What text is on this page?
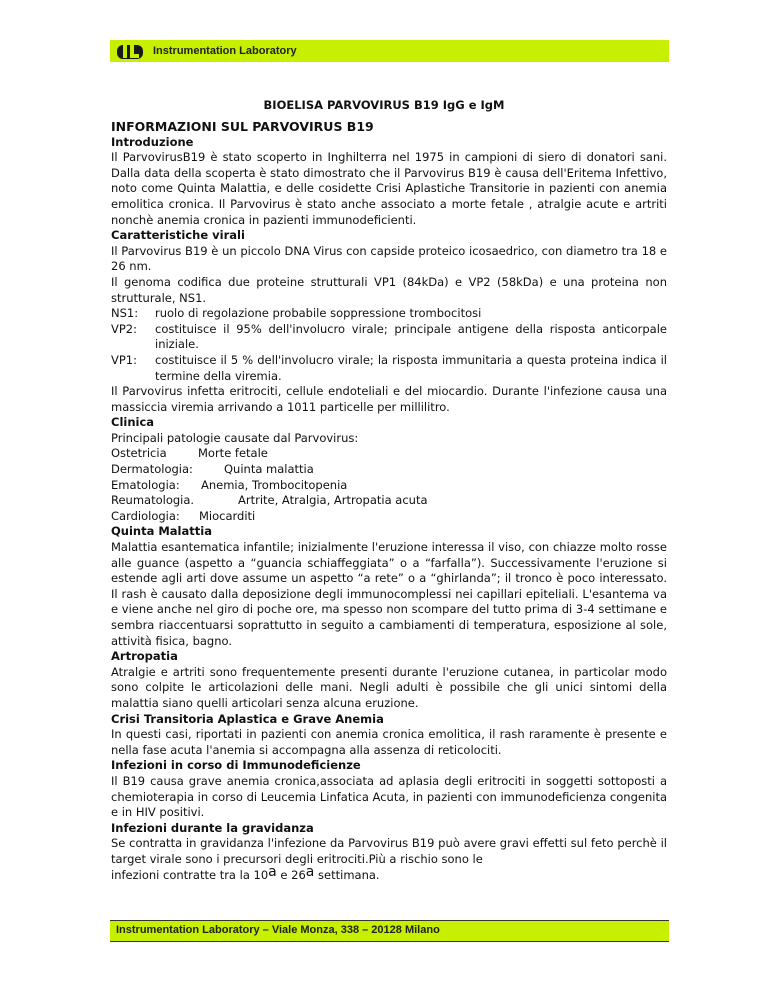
Instrumentation Laboratory
BIOELISA PARVOVIRUS B19 IgG e IgM

INFORMAZIONI SUL PARVOVIRUS B19

Introduzione

Il ParvovirusB19 è stato scoperto in Inghilterra nel 1975 in campioni di siero di donatori sani. Dalla data della scoperta è stato dimostrato che il Parvovirus B19 è causa dell'Eritema Infettivo, noto come Quinta Malattia, e delle cosidette Crisi Aplastiche Transitorie in pazienti con anemia emolitica cronica. Il Parvovirus è stato anche associato a morte fetale , atralgie acute e artriti nonchè anemia cronica in pazienti immunodeficienti.

Caratteristiche virali

Il Parvovirus B19 è un piccolo DNA Virus con capside proteico icosaedrico, con diametro tra 18 e 26 nm.

Il genoma codifica due proteine strutturali VP1 (84kDa) e VP2 (58kDa) e una proteina non strutturale, NS1.

NS1:	ruolo di regolazione probabile soppressione trombocitosi
VP2:	costituisce il 95% dell'involucro virale; principale antigene della risposta anticorpale iniziale.
VP1:	costituisce il 5 % dell'involucro virale; la risposta immunitaria a questa proteina indica il termine della viremia.

Il Parvovirus infetta eritrociti, cellule endoteliali e del miocardio. Durante l'infezione causa una massiccia viremia arrivando a 1011 particelle per millilitro.

Clinica

Principali patologie causate dal Parvovirus:

Ostetricia	Morte fetale
Dermatologia:	Quinta malattia
Ematologia:	Anemia, Trombocitopenia
Reumatologia.	Artrite, Atralgia, Artropatia acuta
Cardiologia:	Miocarditi

Quinta Malattia

Malattia esantematica infantile; inizialmente l'eruzione interessa il viso, con chiazze molto rosse alle guance (aspetto a “guancia schiaffeggiata” o a “farfalla”). Successivamente l'eruzione si estende agli arti dove assume un aspetto “a rete” o a “ghirlanda”; il tronco è poco interessato. Il rash è causato dalla deposizione degli immunocomplessi nei capillari epiteliali. L'esantema va e viene anche nel giro di poche ore, ma spesso non scompare del tutto prima di 3-4 settimane e sembra riaccentuarsi soprattutto in seguito a cambiamenti di temperatura, esposizione al sole, attività fisica, bagno.

Artropatia

Atralgie e artriti sono frequentemente presenti durante l'eruzione cutanea, in particolar modo sono colpite le articolazioni delle mani. Negli adulti è possibile che gli unici sintomi della malattia siano quelli articolari senza alcuna eruzione.

Crisi Transitoria Aplastica e Grave Anemia

In questi casi, riportati in pazienti con anemia cronica emolitica, il rash raramente è presente e nella fase acuta l'anemia si accompagna alla assenza di reticolociti.

Infezioni in corso di Immunodeficienze

Il B19 causa grave anemia cronica,associata ad aplasia degli eritrociti in soggetti sottoposti a chemioterapia in corso di Leucemia Linfatica Acuta, in pazienti con immunodeficienza congenita e in HIV positivi.

Infezioni durante la gravidanza

Se contratta in gravidanza l'infezione da Parvovirus B19 può avere gravi effetti sul feto perchè il target virale sono i precursori degli eritrociti.Più a rischio sono le

infezioni contratte tra la 10a e 26a settimana.

Instrumentation Laboratory – Viale Monza, 338 – 20128 Milano
